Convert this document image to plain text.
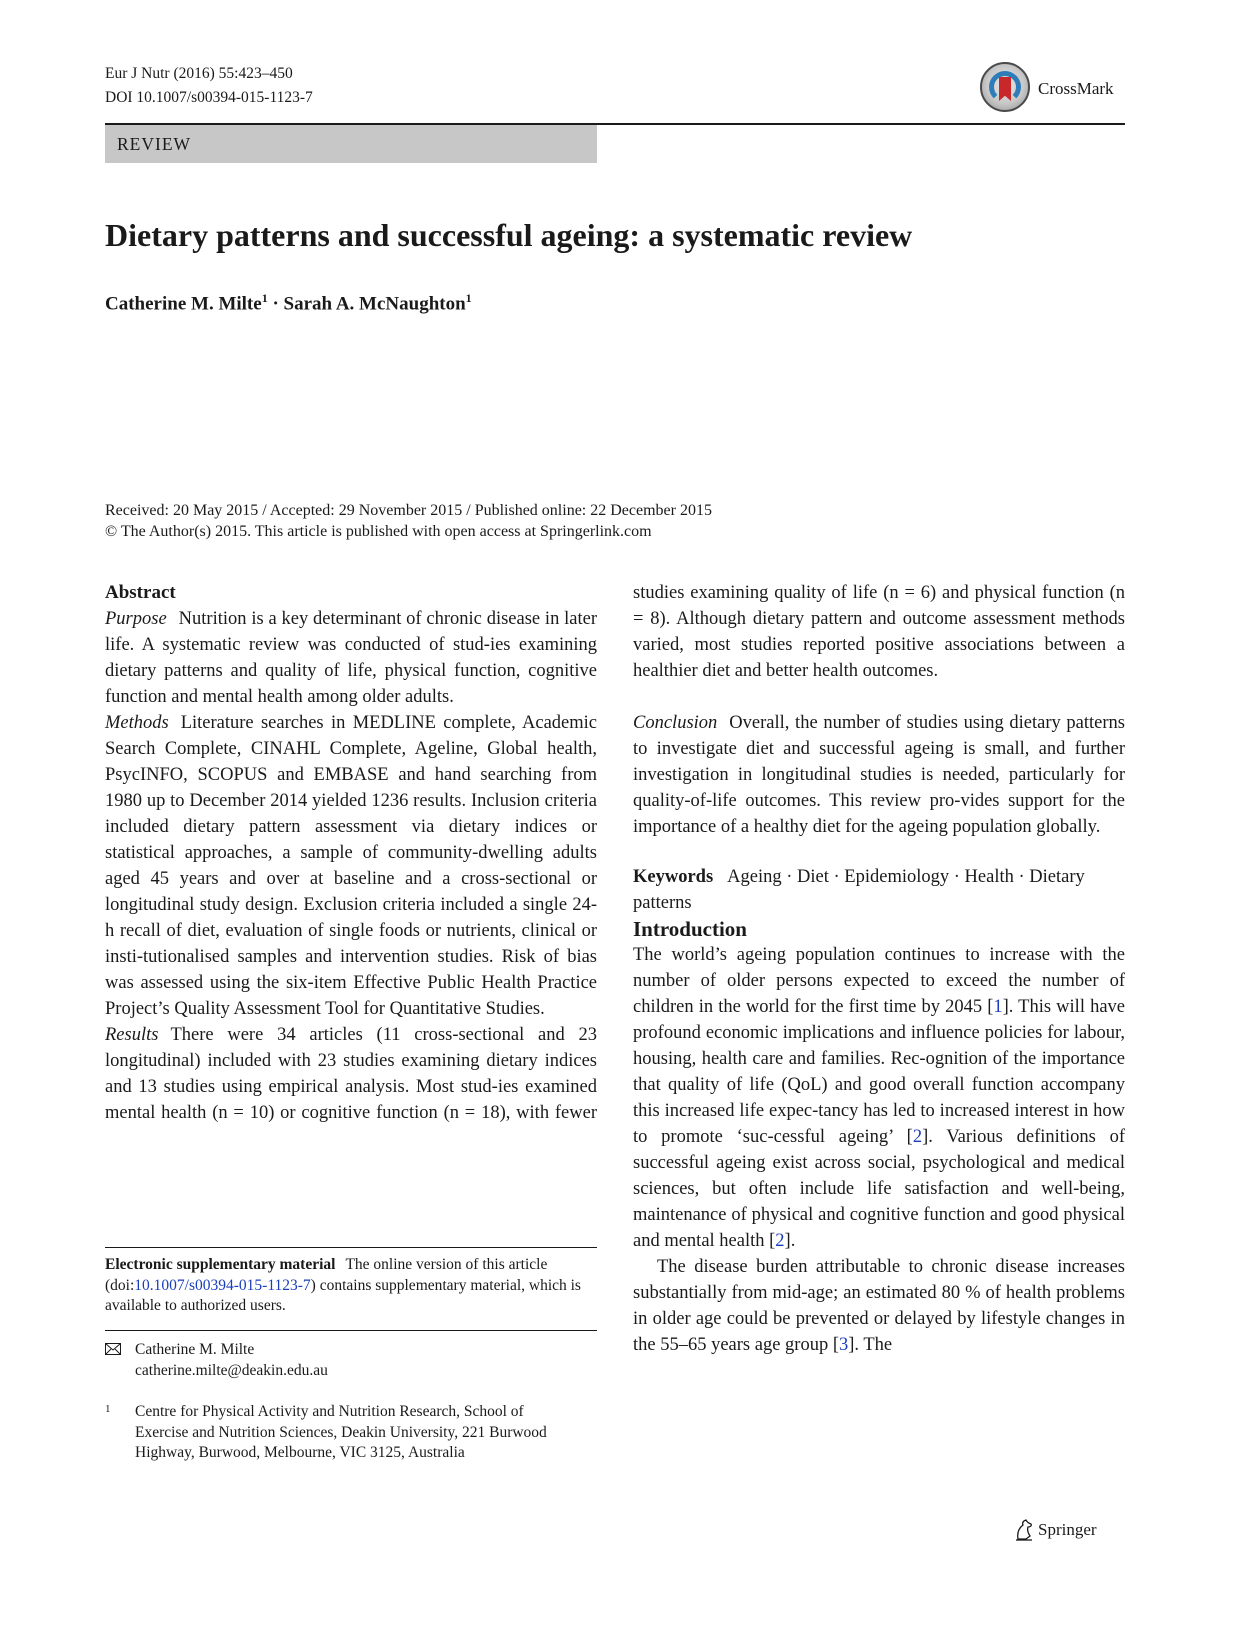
Eur J Nutr (2016) 55:423–450
DOI 10.1007/s00394-015-1123-7	CrossMark
REVIEW
Dietary patterns and successful ageing: a systematic review
Catherine M. Milte$^1$ · Sarah A. McNaughton$^1$
Received: 20 May 2015 / Accepted: 29 November 2015 / Published online: 22 December 2015
© The Author(s) 2015. This article is published with open access at Springerlink.com

Abstract

Purpose Nutrition is a key determinant of chronic disease in later life. A systematic review was conducted of stud-ies examining dietary patterns and quality of life, physical function, cognitive function and mental health among older adults.

Methods Literature searches in MEDLINE complete, Academic Search Complete, CINAHL Complete, Ageline, Global health, PsycINFO, SCOPUS and EMBASE and hand searching from 1980 up to December 2014 yielded 1236 results. Inclusion criteria included dietary pattern assessment via dietary indices or statistical approaches, a sample of community-dwelling adults aged 45 years and over at baseline and a cross-sectional or longitudinal study design. Exclusion criteria included a single 24-h recall of diet, evaluation of single foods or nutrients, clinical or insti-tutionalised samples and intervention studies. Risk of bias was assessed using the six-item Effective Public Health Practice Project’s Quality Assessment Tool for Quantitative Studies.

Results There were 34 articles (11 cross-sectional and 23 longitudinal) included with 23 studies examining dietary indices and 13 studies using empirical analysis. Most stud-ies examined mental health (n = 10) or cognitive function (n = 18), with fewer

studies examining quality of life (n = 6) and physical function (n = 8). Although dietary pattern and outcome assessment methods varied, most studies reported positive associations between a healthier diet and better health outcomes.

Conclusion Overall, the number of studies using dietary patterns to investigate diet and successful ageing is small, and further investigation in longitudinal studies is needed, particularly for quality-of-life outcomes. This review pro-vides support for the importance of a healthy diet for the ageing population globally.

Keywords Ageing · Diet · Epidemiology · Health · Dietary patterns

Introduction

The world’s ageing population continues to increase with the number of older persons expected to exceed the number of children in the world for the first time by 2045 [1]. This will have profound economic implications and influence policies for labour, housing, health care and families. Rec-ognition of the importance that quality of life (QoL) and good overall function accompany this increased life expec-tancy has led to increased interest in how to promote ‘suc-cessful ageing’ [2]. Various definitions of successful ageing exist across social, psychological and medical sciences, but often include life satisfaction and well-being, maintenance of physical and cognitive function and good physical and mental health [2].

The disease burden attributable to chronic disease increases substantially from mid-age; an estimated 80 % of health problems in older age could be prevented or delayed by lifestyle changes in the 55–65 years age group [3]. The

Electronic supplementary material The online version of this article (doi:10.1007/s00394-015-1123-7) contains supplementary material, which is available to authorized users.
Catherine M. Milte
catherine.milte@deakin.edu.au
1 Centre for Physical Activity and Nutrition Research, School of Exercise and Nutrition Sciences, Deakin University, 221 Burwood Highway, Burwood, Melbourne, VIC 3125, Australia
Springer
